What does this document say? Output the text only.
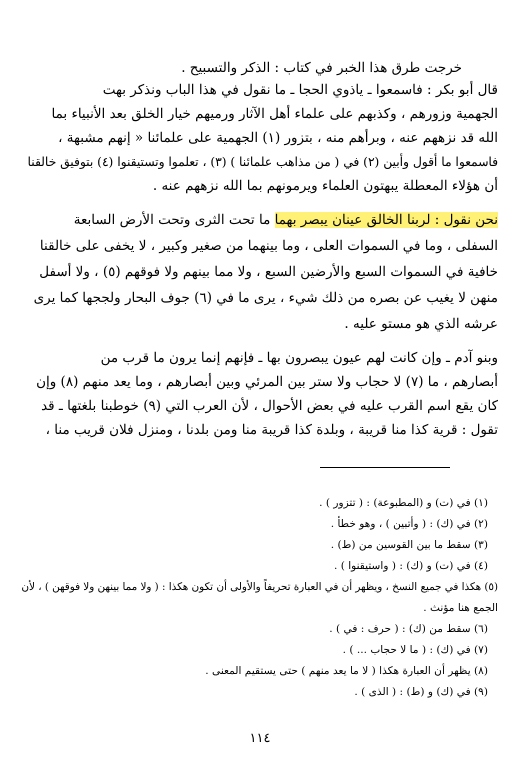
خرجت طرق هذا الخبر في كتاب : الذكر والتسبيح .
قال أبو بكر : فاسمعوا ـ ياذوي الحجا ـ ما نقول في هذا الباب ونذكر بهت
الجهمية وزورهم ، وكذبهم على علماء أهل الآثار ورميهم خيار الخلق بعد الأنبياء بما
الله قد نزههم عنه ، وبرأهم منه ، بتزور (١) الجهمية على علمائنا « إنهم مشبهة ،
فاسمعوا ما أقول وأبين (٢) في ( من مذاهب علمائنا ) (٣) ، تعلموا وتستيقنوا (٤) بتوفيق خالقنا
أن هؤلاء المعطلة يبهتون العلماء ويرمونهم بما الله نزههم عنه .
نحن نقول : لربنا الخالق عينان يبصر بهما ما تحت الثرى وتحت الأرض السابعة
السفلى ، وما في السموات العلى ، وما بينهما من صغير وكبير ، لا يخفى على خالقنا
خافية في السموات السبع والأرضين السبع ، ولا مما بينهم ولا فوقهم (٥) ، ولا أسفل
منهن لا يغيب عن بصره من ذلك شيء ، يرى ما في (٦) جوف البحار ولججها كما يرى
عرشه الذي هو مستو عليه .
وبنو آدم ـ وإن كانت لهم عيون يبصرون بها ـ فإنهم إنما يرون ما قرب من
أبصارهم ، ما (٧) لا حجاب ولا ستر بين المرئي وبين أبصارهم ، وما يعد منهم (٨) وإن
كان يقع اسم القرب عليه في بعض الأحوال ، لأن العرب التي (٩) خوطبنا بلغتها ـ قد
تقول : قرية كذا منا قريبة ، وبلدة كذا قريبة منا ومن بلدنا ، ومنزل فلان قريب منا ،
(١) في (ت) و (المطبوعة) : ( تتزور ) .
(٢) في (ك) : ( وأتبين ) ، وهو خطأ .
(٣) سقط ما بين القوسين من (ط) .
(٤) في (ت) و (ك) : ( واستيقنوا ) .
(٥) هكذا في جميع النسخ ، ويظهر أن في العبارة تحريفاً والأولى أن تكون هكذا : ( ولا مما بينهن ولا فوقهن ) ، لأن
الجمع هنا مؤنث .
(٦) سقط من (ك) : ( حرف : في ) .
(٧) في (ك) : ( ما لا حجاب ... ) .
(٨) يظهر أن العبارة هكذا ( لا ما يعد منهم ) حتى يستقيم المعنى .
(٩) في (ك) و (ط) : ( الذى ) .
١١٤
